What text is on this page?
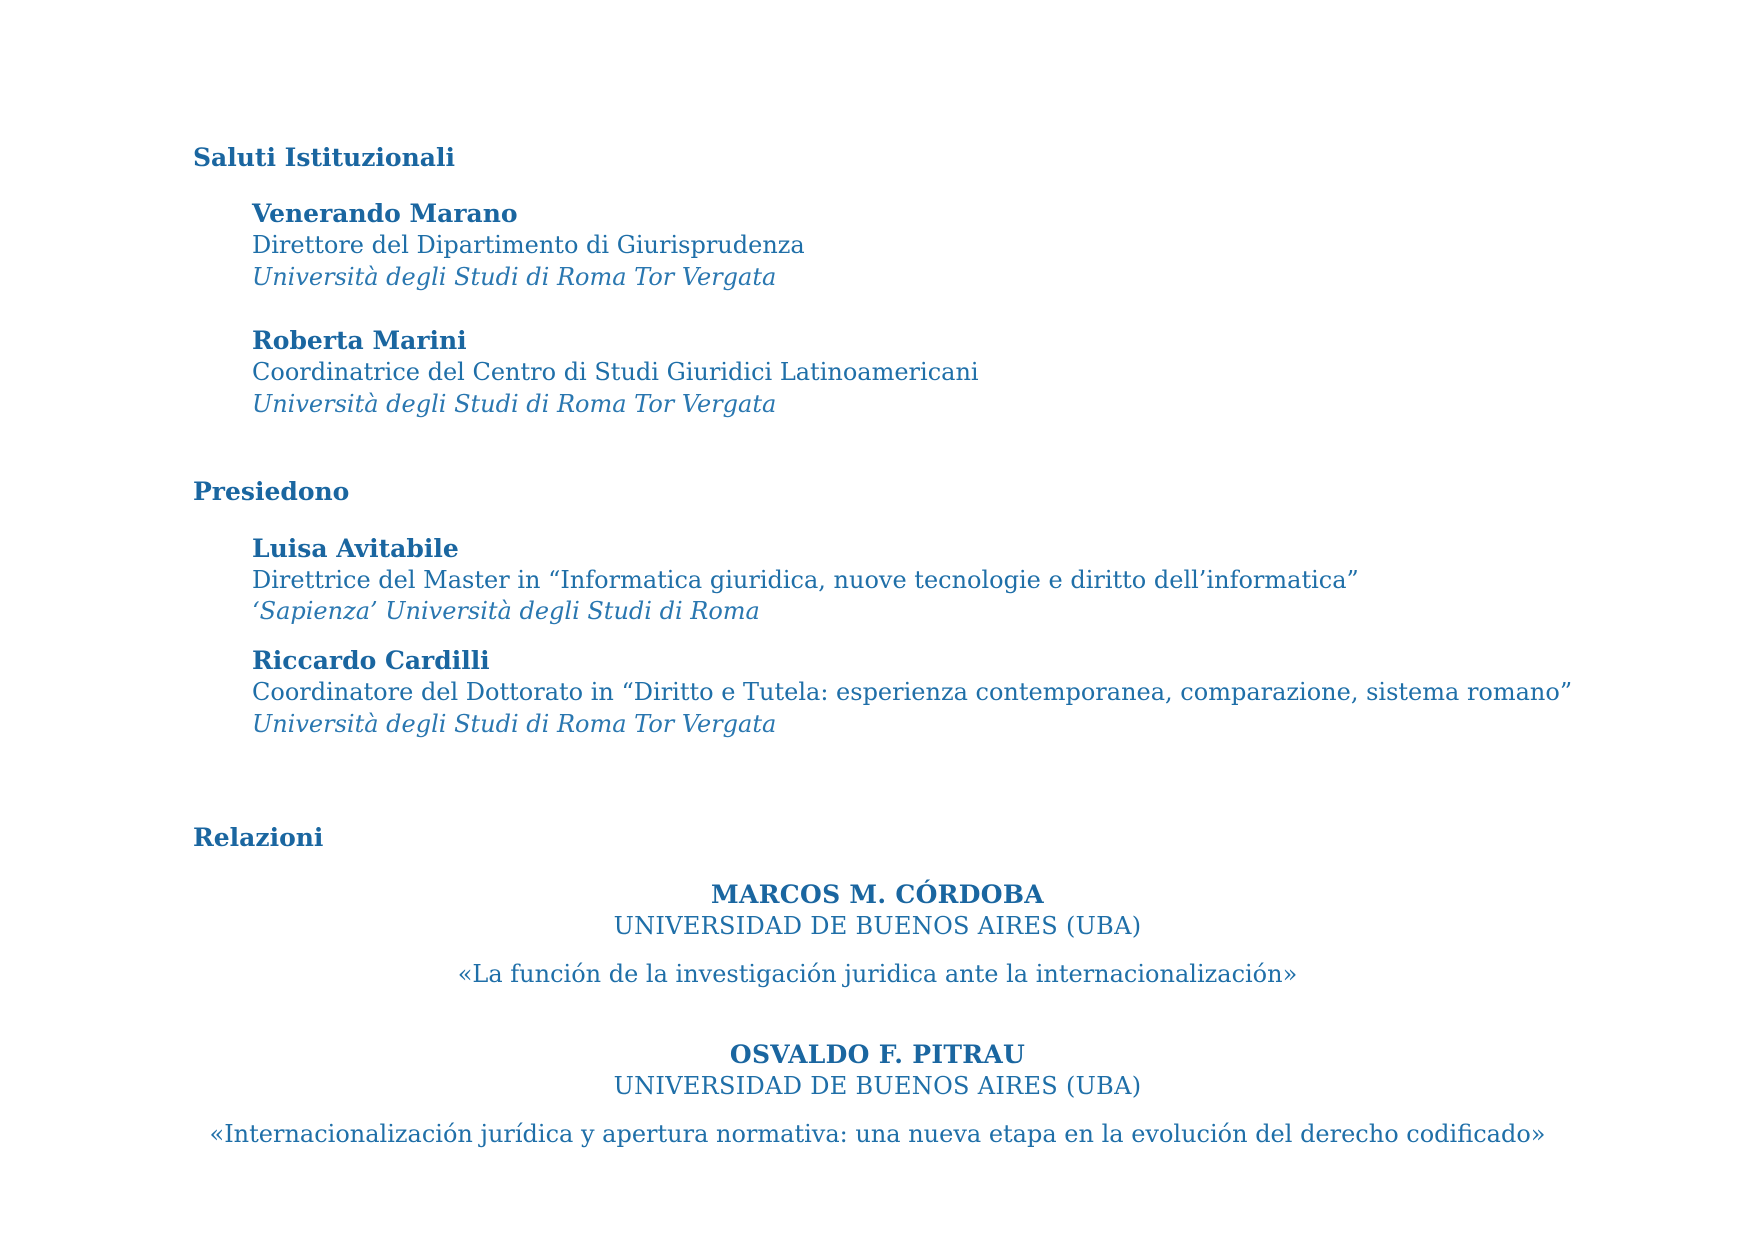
Saluti Istituzionali
Venerando Marano
Direttore del Dipartimento di Giurisprudenza
Università degli Studi di Roma Tor Vergata
Roberta Marini
Coordinatrice del Centro di Studi Giuridici Latinoamericani
Università degli Studi di Roma Tor Vergata
Presiedono
Luisa Avitabile
Direttrice del Master in “Informatica giuridica, nuove tecnologie e diritto dell’informatica”
‘Sapienza’ Università degli Studi di Roma
Riccardo Cardilli
Coordinatore del Dottorato in “Diritto e Tutela: esperienza contemporanea, comparazione, sistema romano”
Università degli Studi di Roma Tor Vergata
Relazioni
MARCOS M. CÓRDOBA
UNIVERSIDAD DE BUENOS AIRES (UBA)
«La función de la investigación juridica ante la internacionalización»
OSVALDO F. PITRAU
UNIVERSIDAD DE BUENOS AIRES (UBA)
«Internacionalización jurídica y apertura normativa: una nueva etapa en la evolución del derecho codificado»
